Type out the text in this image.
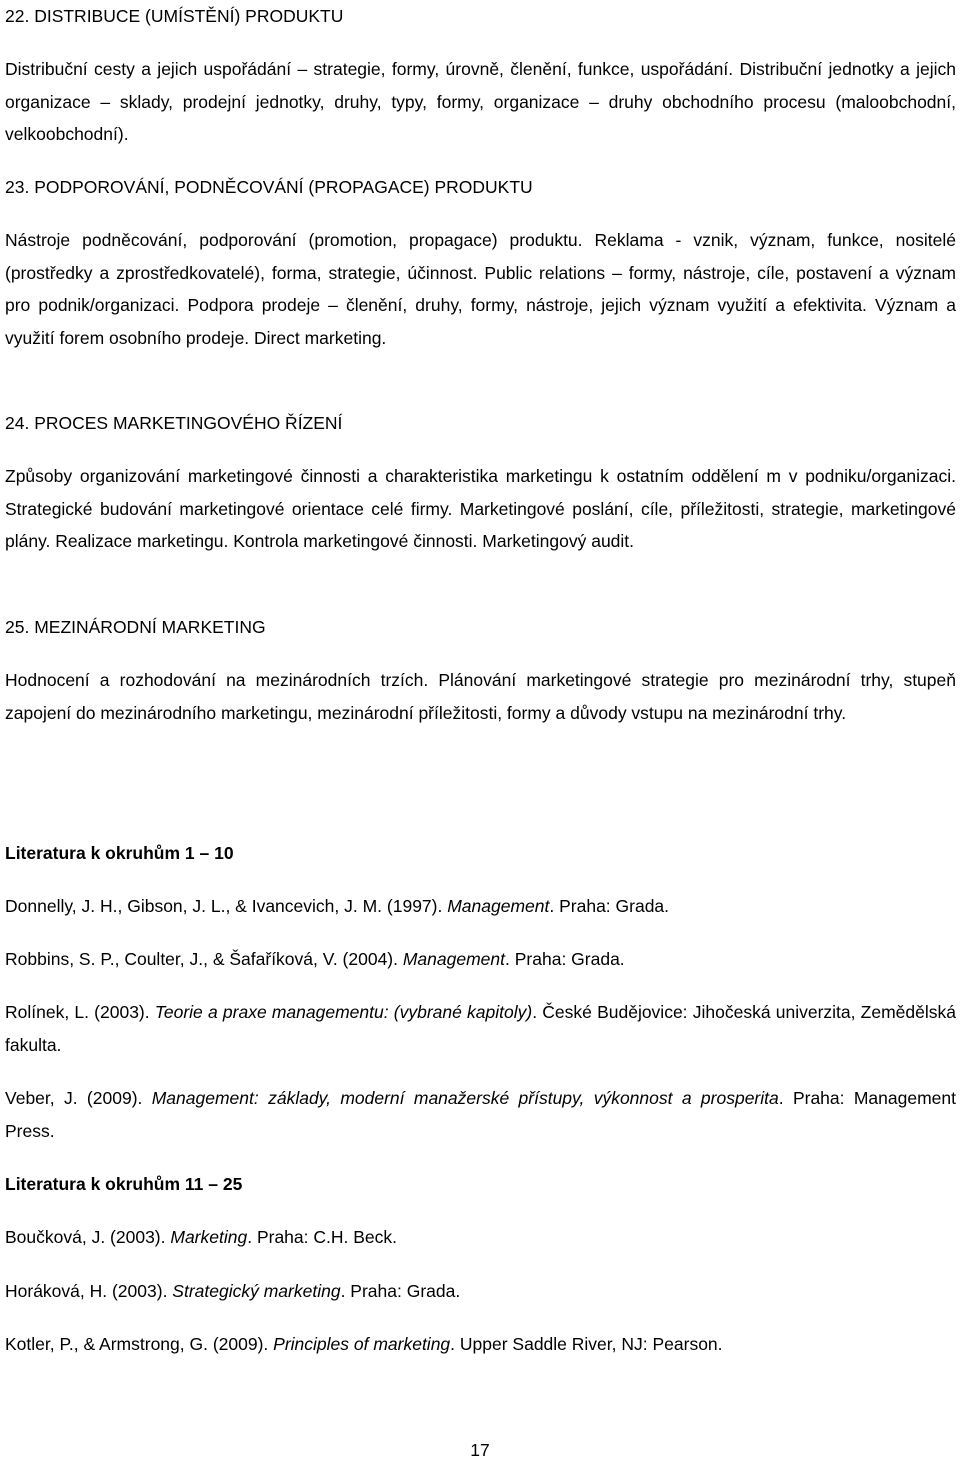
22. DISTRIBUCE (UMÍSTĚNÍ) PRODUKTU
Distribuční cesty a jejich uspořádání – strategie, formy, úrovně, členění, funkce, uspořádání. Distribuční jednotky a jejich organizace – sklady, prodejní jednotky, druhy, typy, formy, organizace – druhy obchodního procesu (maloobchodní, velkoobchodní).
23. PODPOROVÁNÍ, PODNĚCOVÁNÍ (PROPAGACE) PRODUKTU
Nástroje podněcování, podporování (promotion, propagace) produktu. Reklama - vznik, význam, funkce, nositelé (prostředky a zprostředkovatelé), forma, strategie, účinnost. Public relations – formy, nástroje, cíle, postavení a význam pro podnik/organizaci. Podpora prodeje – členění, druhy, formy, nástroje, jejich význam využití a efektivita. Význam a využití forem osobního prodeje. Direct marketing.
24. PROCES MARKETINGOVÉHO ŘÍZENÍ
Způsoby organizování marketingové činnosti a charakteristika marketingu k ostatním oddělení m v podniku/organizaci. Strategické budování marketingové orientace celé firmy. Marketingové poslání, cíle, příležitosti, strategie, marketingové plány. Realizace marketingu. Kontrola marketingové činnosti. Marketingový audit.
25. MEZINÁRODNÍ MARKETING
Hodnocení a rozhodování na mezinárodních trzích. Plánování marketingové strategie pro mezinárodní trhy, stupeň zapojení do mezinárodního marketingu, mezinárodní příležitosti, formy a důvody vstupu na mezinárodní trhy.
Literatura k okruhům 1 – 10
Donnelly, J. H., Gibson, J. L., & Ivancevich, J. M. (1997). Management. Praha: Grada.
Robbins, S. P., Coulter, J., & Šafaříková, V. (2004). Management. Praha: Grada.
Rolínek, L. (2003). Teorie a praxe managementu: (vybrané kapitoly). České Budějovice: Jihočeská univerzita, Zemědělská fakulta.
Veber, J. (2009). Management: základy, moderní manažerské přístupy, výkonnost a prosperita. Praha: Management Press.
Literatura k okruhům 11 – 25
Boučková, J. (2003). Marketing. Praha: C.H. Beck.
Horáková, H. (2003). Strategický marketing. Praha: Grada.
Kotler, P., & Armstrong, G. (2009). Principles of marketing. Upper Saddle River, NJ: Pearson.
17
